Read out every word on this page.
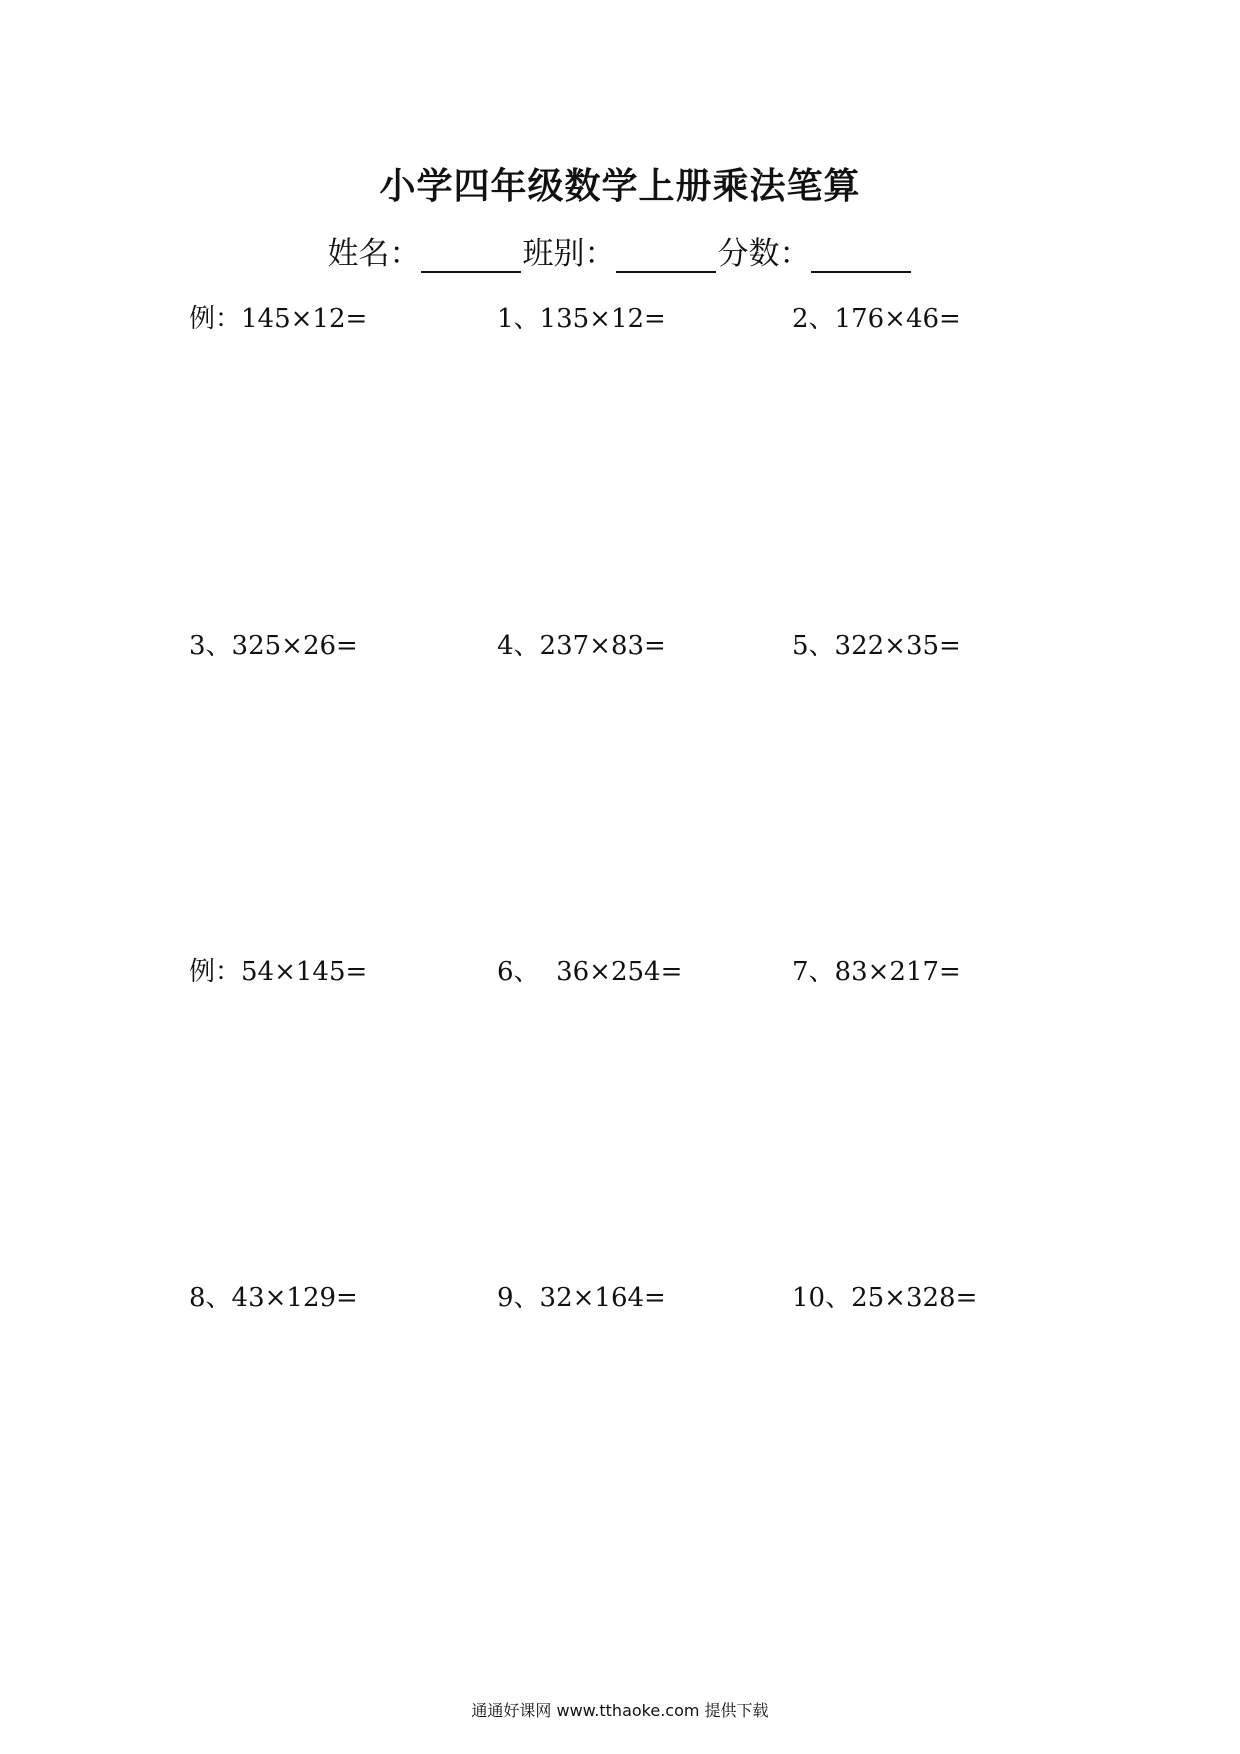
小学四年级数学上册乘法笔算
姓名：	班别：	分数：
例：145×12=	1、135×12=	2、176×46=
3、325×26=	4、237×83=	5、322×35=
例：54×145=	6、  36×254=	7、83×217=
8、43×129=	9、32×164=	10、25×328=
通通好课网 www.tthaoke.com 提供下载
